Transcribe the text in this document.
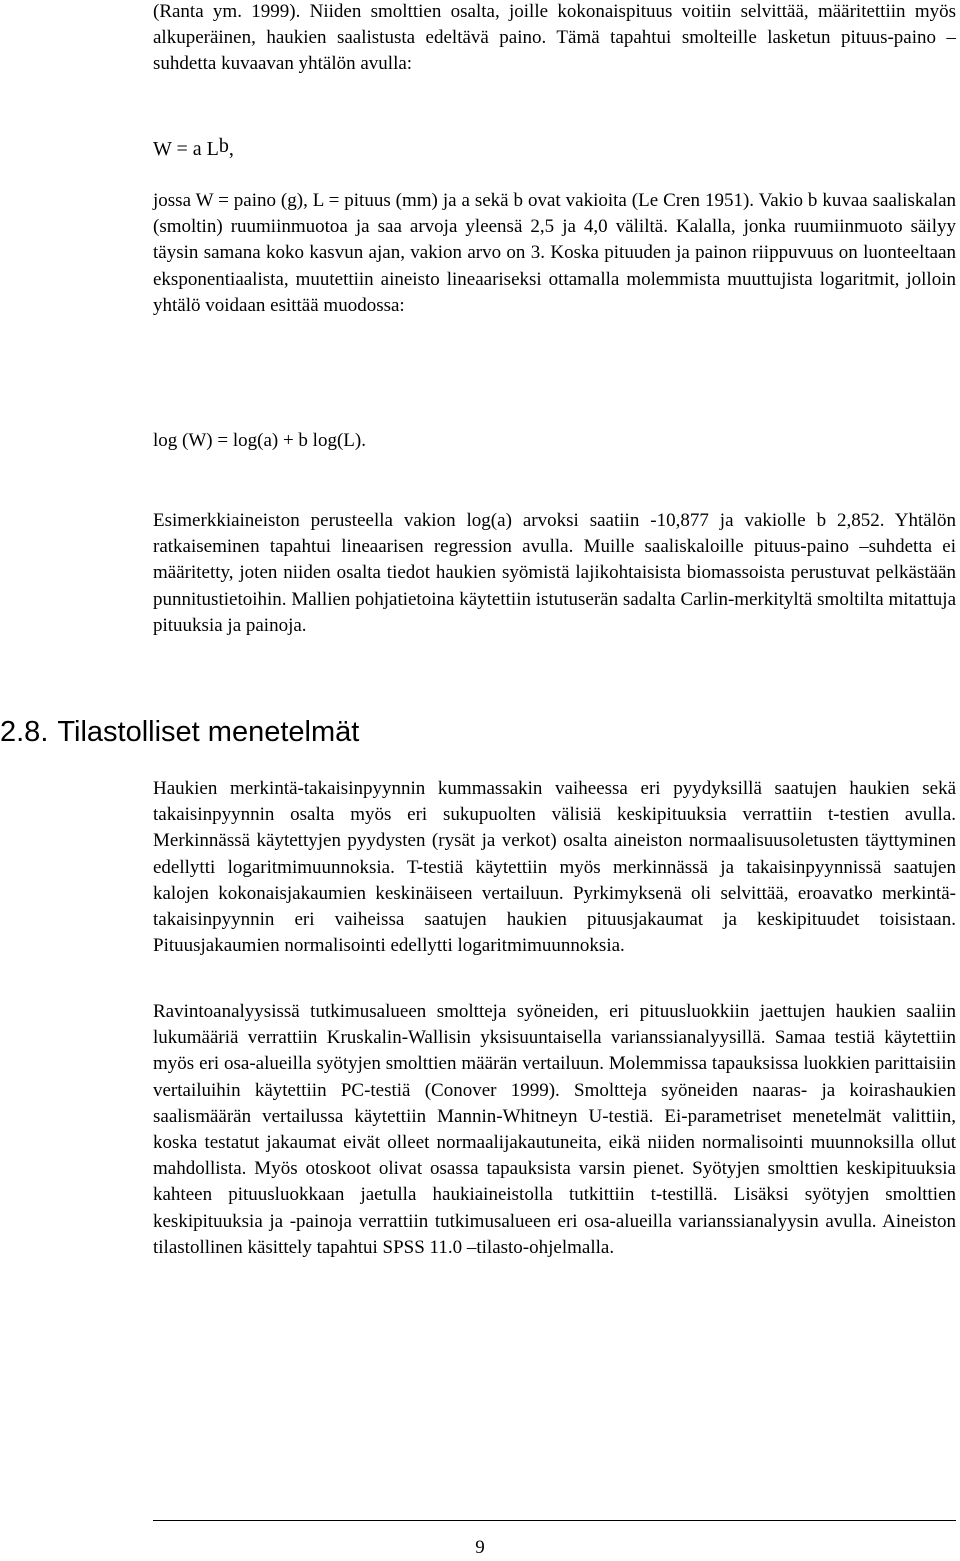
(Ranta ym. 1999). Niiden smolttien osalta, joille kokonaispituus voitiin selvittää, määritettiin myös alkuperäinen, haukien saalistusta edeltävä paino. Tämä tapahtui smolteille lasketun pituus-paino –suhdetta kuvaavan yhtälön avulla:

W = a $L^b$,

jossa W = paino (g), L = pituus (mm) ja a sekä b ovat vakioita (Le Cren 1951). Vakio b kuvaa saaliskalan (smoltin) ruumiinmuotoa ja saa arvoja yleensä 2,5 ja 4,0 väliltä. Kalalla, jonka ruumiinmuoto säilyy täysin samana koko kasvun ajan, vakion arvo on 3. Koska pituuden ja painon riippuvuus on luonteeltaan eksponentiaalista, muutettiin aineisto lineaariseksi ottamalla molemmista muuttujista logaritmit, jolloin yhtälö voidaan esittää muodossa:

log (W) = log(a) + b log(L).

Esimerkkiaineiston perusteella vakion log(a) arvoksi saatiin -10,877 ja vakiolle b 2,852. Yhtälön ratkaiseminen tapahtui lineaarisen regression avulla. Muille saaliskaloille pituus-paino –suhdetta ei määritetty, joten niiden osalta tiedot haukien syömistä lajikohtaisista biomassoista perustuvat pelkästään punnitustietoihin. Mallien pohjatietoina käytettiin istutuserän sadalta Carlin-merkityltä smoltilta mitattuja pituuksia ja painoja.

2.8. Tilastolliset menetelmät

Haukien merkintä-takaisinpyynnin kummassakin vaiheessa eri pyydyksillä saatujen haukien sekä takaisinpyynnin osalta myös eri sukupuolten välisiä keskipituuksia verrattiin t-testien avulla. Merkinnässä käytettyjen pyydysten (rysät ja verkot) osalta aineiston normaalisuusoletusten täyttyminen edellytti logaritmimuunnoksia. T-testiä käytettiin myös merkinnässä ja takaisinpyynnissä saatujen kalojen kokonaisjakaumien keskinäiseen vertailuun. Pyrkimyksenä oli selvittää, eroavatko merkintä-takaisinpyynnin eri vaiheissa saatujen haukien pituusjakaumat ja keskipituudet toisistaan. Pituusjakaumien normalisointi edellytti logaritmimuunnoksia.

Ravintoanalyysissä tutkimusalueen smoltteja syöneiden, eri pituusluokkiin jaettujen haukien saaliin lukumääriä verrattiin Kruskalin-Wallisin yksisuuntaisella varianssianalyysillä. Samaa testiä käytettiin myös eri osa-alueilla syötyjen smolttien määrän vertailuun. Molemmissa tapauksissa luokkien parittaisiin vertailuihin käytettiin PC-testiä (Conover 1999). Smoltteja syöneiden naaras- ja koirashaukien saalismäärän vertailussa käytettiin Mannin-Whitneyn U-testiä. Ei-parametriset menetelmät valittiin, koska testatut jakaumat eivät olleet normaalijakautuneita, eikä niiden normalisointi muunnoksilla ollut mahdollista. Myös otoskoot olivat osassa tapauksista varsin pienet. Syötyjen smolttien keskipituuksia kahteen pituusluokkaan jaetulla haukiaineistolla tutkittiin t-testillä. Lisäksi syötyjen smolttien keskipituuksia ja -painoja verrattiin tutkimusalueen eri osa-alueilla varianssianalyysin avulla. Aineiston tilastollinen käsittely tapahtui SPSS 11.0 –tilasto-ohjelmalla.

9
